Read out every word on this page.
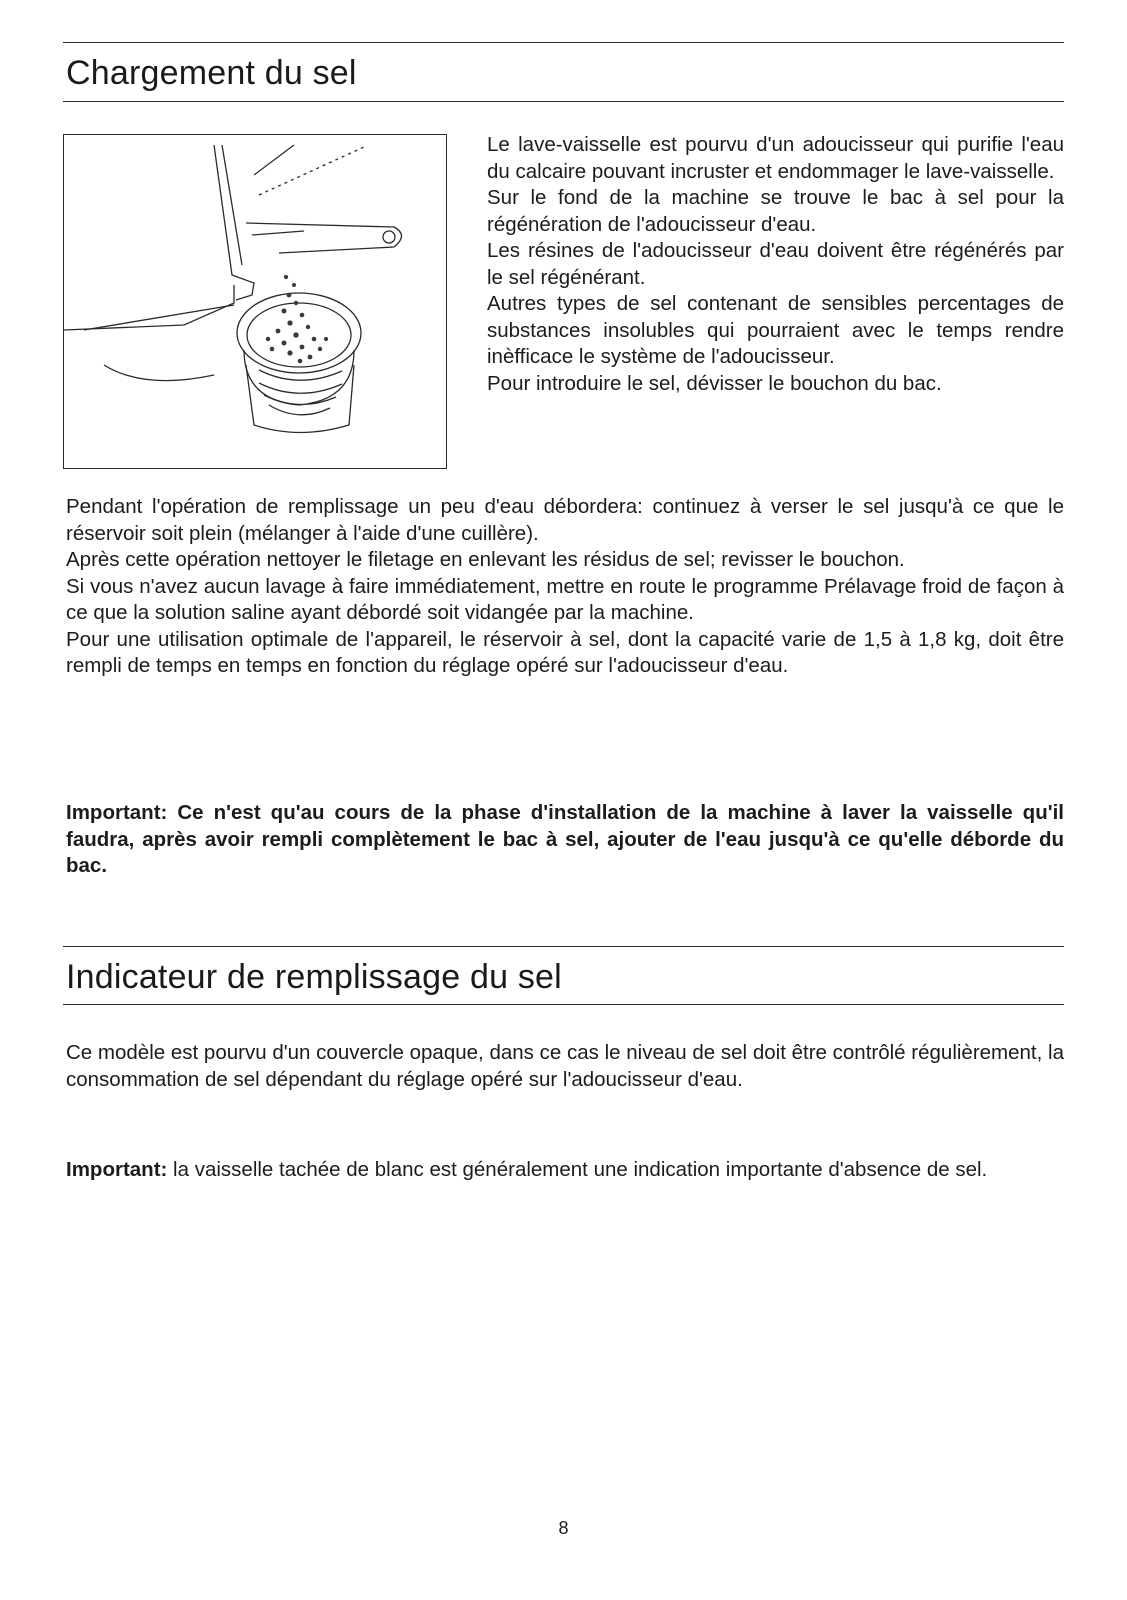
Chargement du sel

Le lave-vaisselle est pourvu d'un adoucisseur qui purifie l'eau du calcaire pouvant incruster et endommager le lave-vaisselle.

Sur le fond de la machine se trouve le bac à sel pour la régénération de l'adoucisseur d'eau.

Les résines de l'adoucisseur d'eau doivent être régénérés par le sel régénérant.

Autres types de sel contenant de sensibles percentages de substances insolubles qui pourraient avec le temps rendre inèfficace le système de l'adoucisseur.

Pour introduire le sel, dévisser le bouchon du bac.

Pendant l'opération de remplissage un peu d'eau débordera: continuez à verser le sel jusqu'à ce que le réservoir soit plein (mélanger à l'aide d'une cuillère).

Après cette opération nettoyer le filetage en enlevant les résidus de sel; revisser le bouchon.

Si vous n'avez aucun lavage à faire immédiatement, mettre en route le programme Prélavage froid de façon à ce que la solution saline ayant débordé soit vidangée par la machine.

Pour une utilisation optimale de l'appareil, le réservoir à sel, dont la capacité varie de 1,5 à 1,8 kg, doit être rempli de temps en temps en fonction du réglage opéré sur l'adoucisseur d'eau.

Important: Ce n'est qu'au cours de la phase d'installation de la machine à laver la vaisselle qu'il faudra, après avoir rempli complètement le bac à sel, ajouter de l'eau jusqu'à ce qu'elle déborde du bac.

Indicateur de remplissage du sel

Ce modèle est pourvu d'un couvercle opaque, dans ce cas le niveau de sel doit être contrôlé régulièrement, la consommation de sel dépendant du réglage opéré sur l'adoucisseur d'eau.

Important: la vaisselle tachée de blanc est généralement une indication importante d'absence de sel.

8
